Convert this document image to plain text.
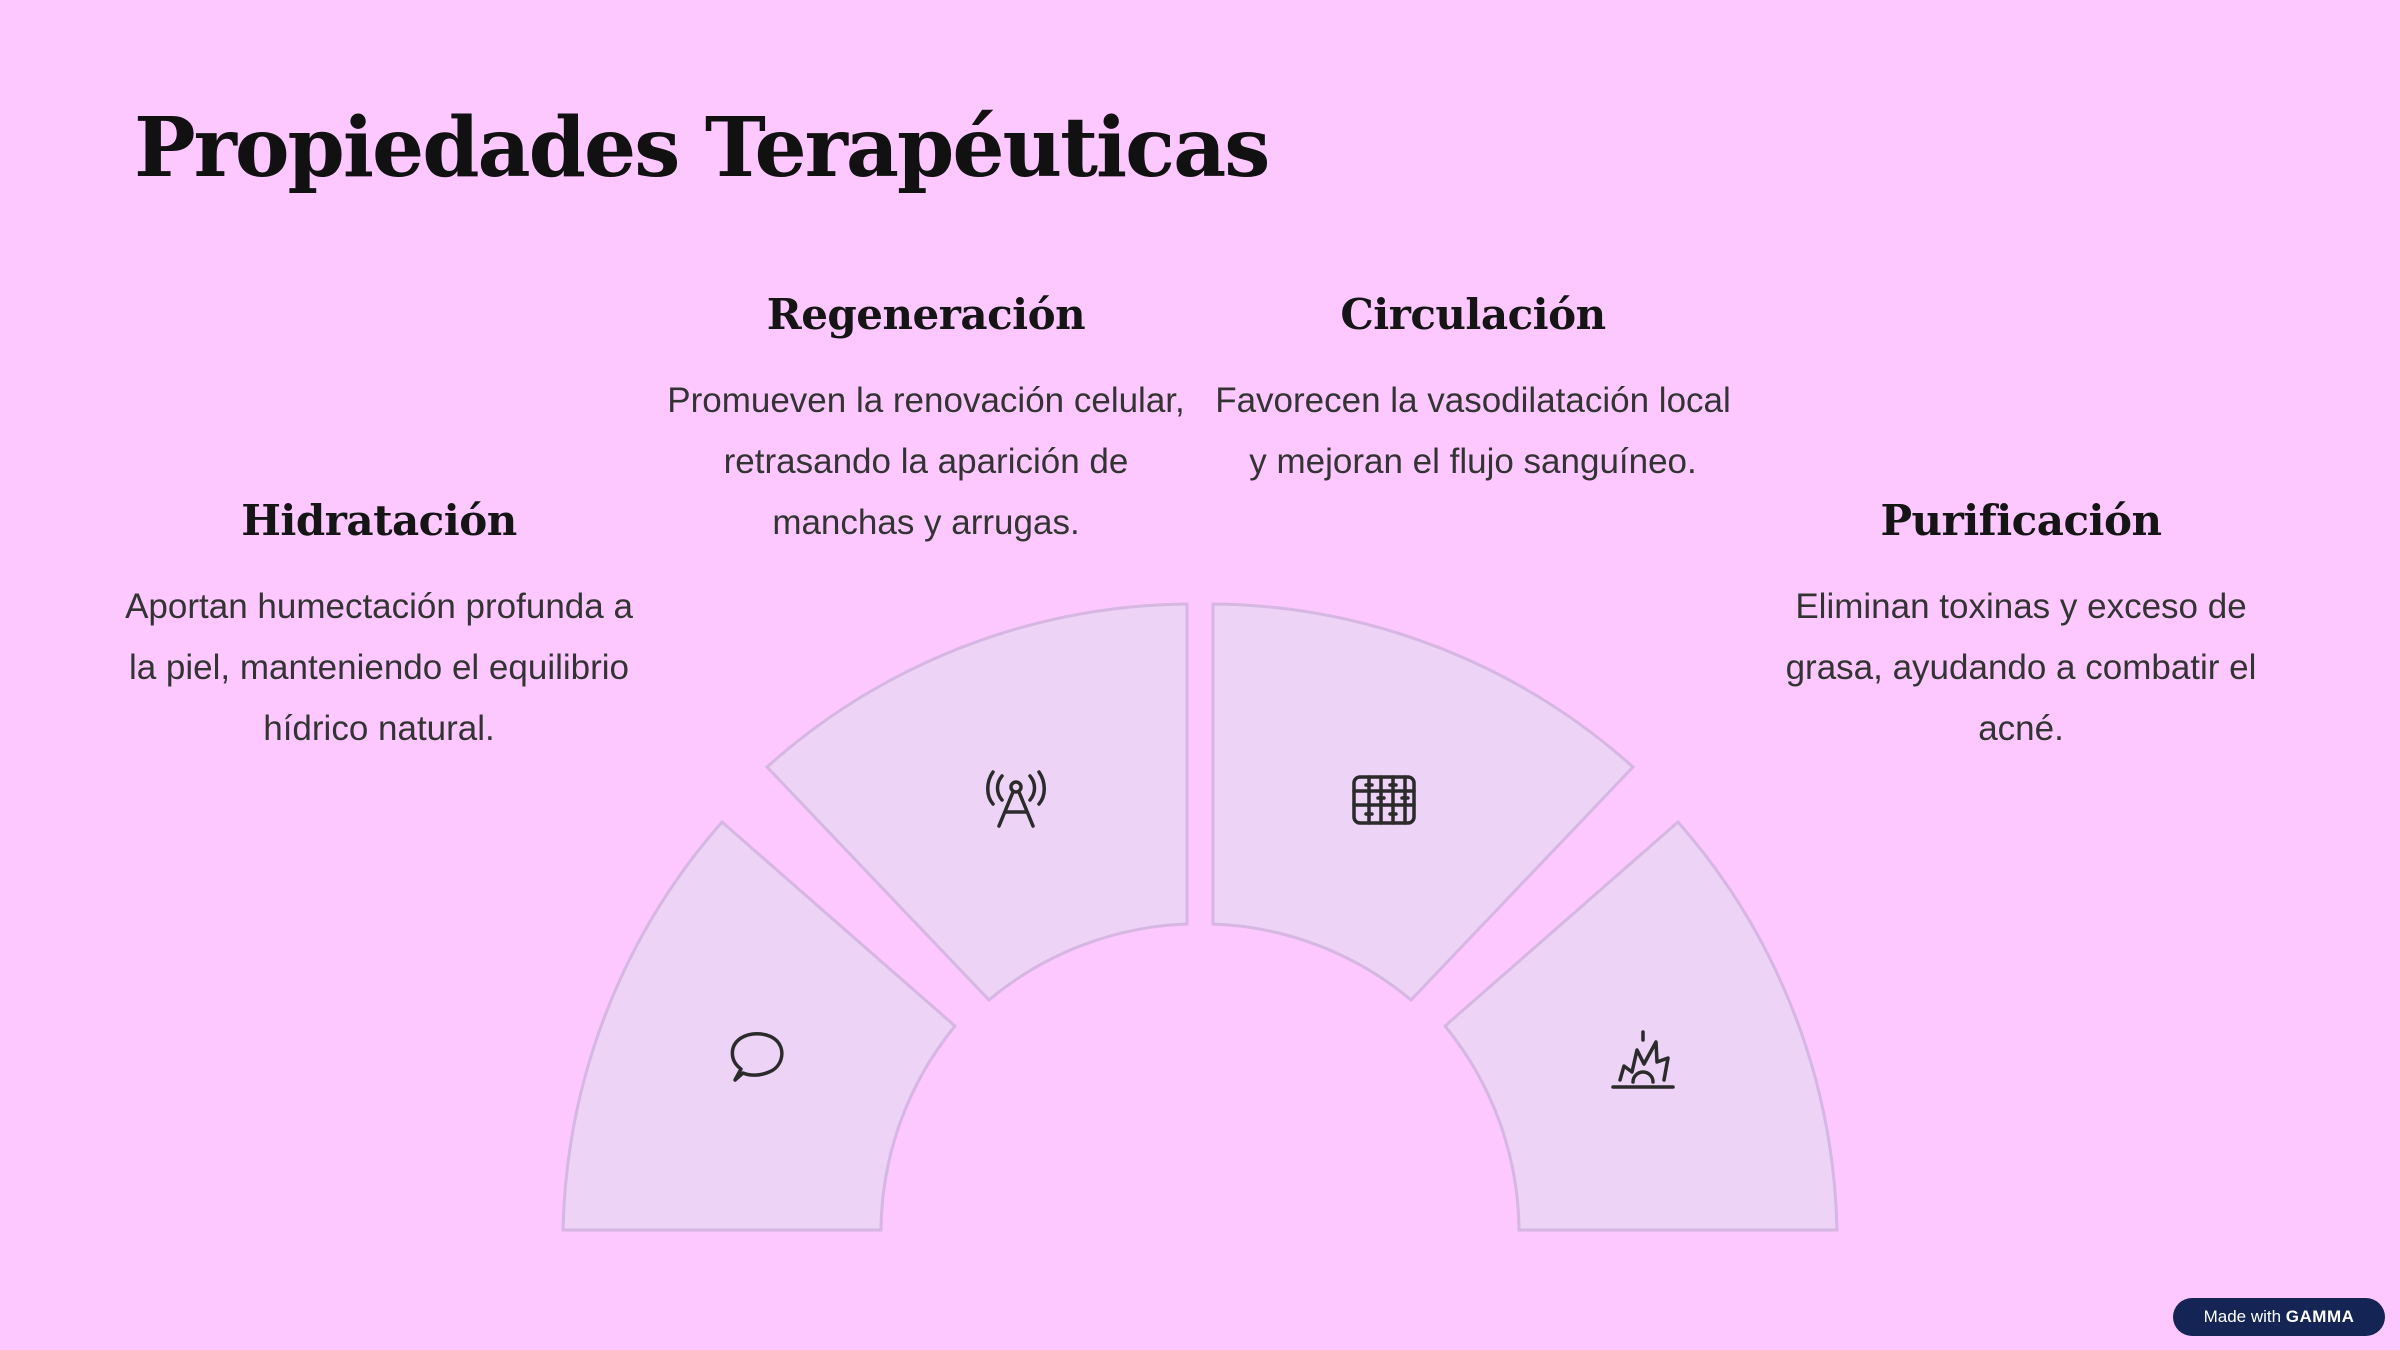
Propiedades Terapéuticas
Hidratación

Aportan humectación profunda a la piel, manteniendo el equilibrio hídrico natural.

Regeneración

Promueven la renovación celular, retrasando la aparición de manchas y arrugas.

Circulación

Favorecen la vasodilatación local y mejoran el flujo sanguíneo.

Purificación

Eliminan toxinas y exceso de grasa, ayudando a combatir el acné.

Made with GAMMA
